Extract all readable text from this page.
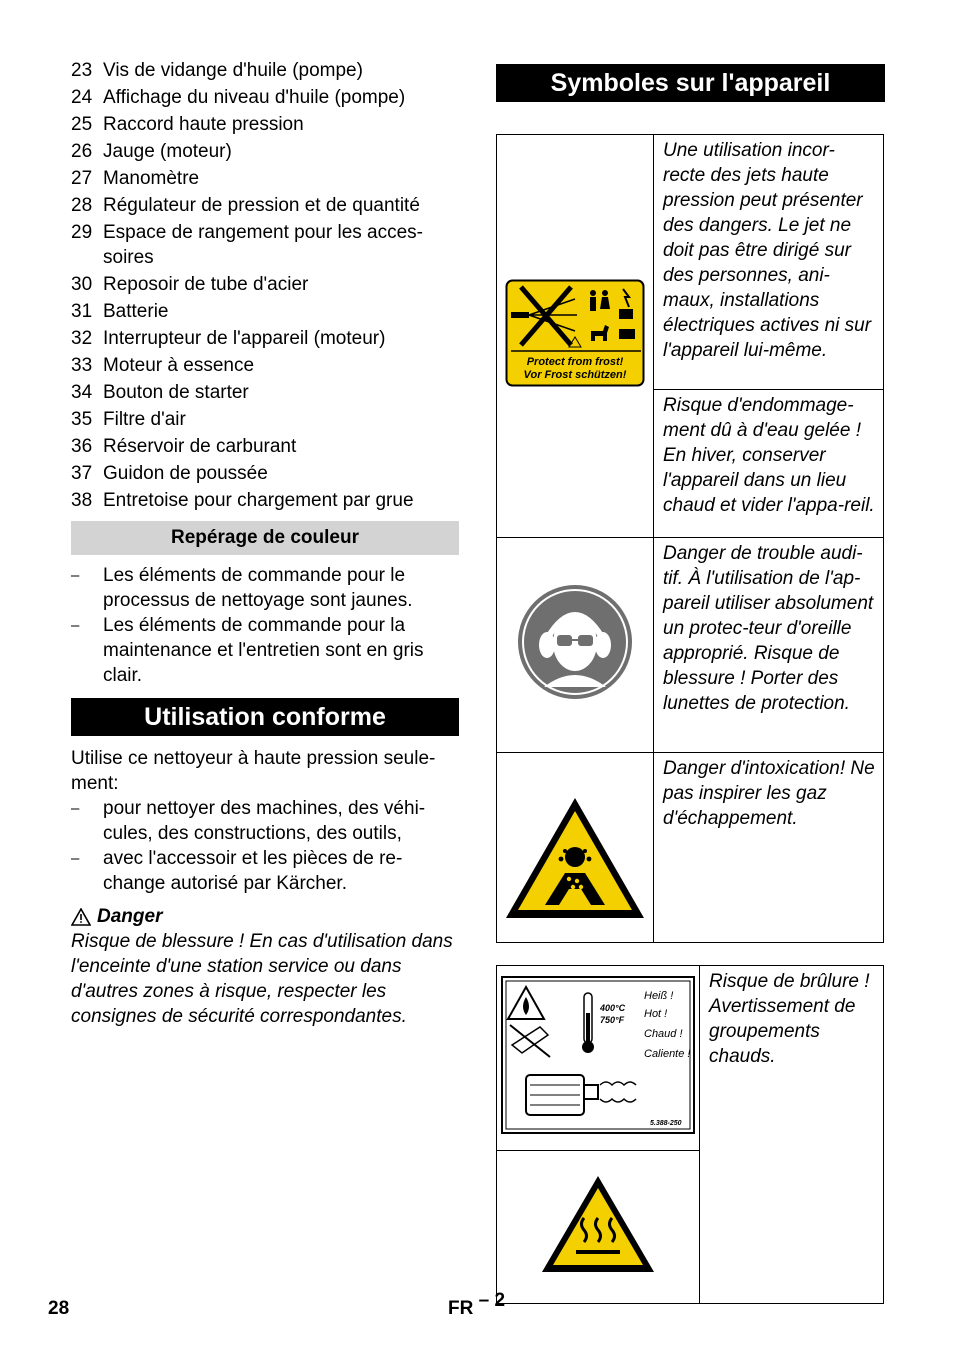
23 Vis de vidange d'huile (pompe)
24 Affichage du niveau d'huile (pompe)
25 Raccord haute pression
26 Jauge (moteur)
27 Manomètre
28 Régulateur de pression et de quantité
29 Espace de rangement pour les acces-soires
30 Reposoir de tube d'acier
31 Batterie
32 Interrupteur de l'appareil (moteur)
33 Moteur à essence
34 Bouton de starter
35 Filtre d'air
36 Réservoir de carburant
37 Guidon de poussée
38 Entretoise pour chargement par grue
Repérage de couleur
–	Les éléments de commande pour le processus de nettoyage sont jaunes.
–	Les éléments de commande pour la maintenance et l'entretien sont en gris clair.
Utilisation conforme
Utilise ce nettoyeur à haute pression seule-ment:
–	pour nettoyer des machines, des véhi-cules, des constructions, des outils,
–	avec l'accessoir et les pièces de re-change autorisé par Kärcher.
Danger
Risque de blessure ! En cas d'utilisation dans l'enceinte d'une station service ou dans d'autres zones à risque, respecter les consignes de sécurité correspondantes.
Symboles sur l'appareil
Protect from frost!
Vor Frost schützen!	Une utilisation incor-recte des jets haute pression peut présenter des dangers. Le jet ne doit pas être dirigé sur des personnes, ani-maux, installations électriques actives ni sur l'appareil lui-même.
	Risque d'endommage-ment dû à d'eau gelée ! En hiver, conserver l'appareil dans un lieu chaud et vider l'appa-reil.
	Danger de trouble audi-tif. À l'utilisation de l'ap-pareil utiliser absolument un protec-teur d'oreille approprié. Risque de blessure ! Porter des lunettes de protection.
	Danger d'intoxication! Ne pas inspirer les gaz d'échappement.
400°C
750°F
Heiß !
Hot !
Chaud !
Caliente !
5.388-250
	Risque de brûlure ! Avertissement de groupements chauds.

28	FR – 2
